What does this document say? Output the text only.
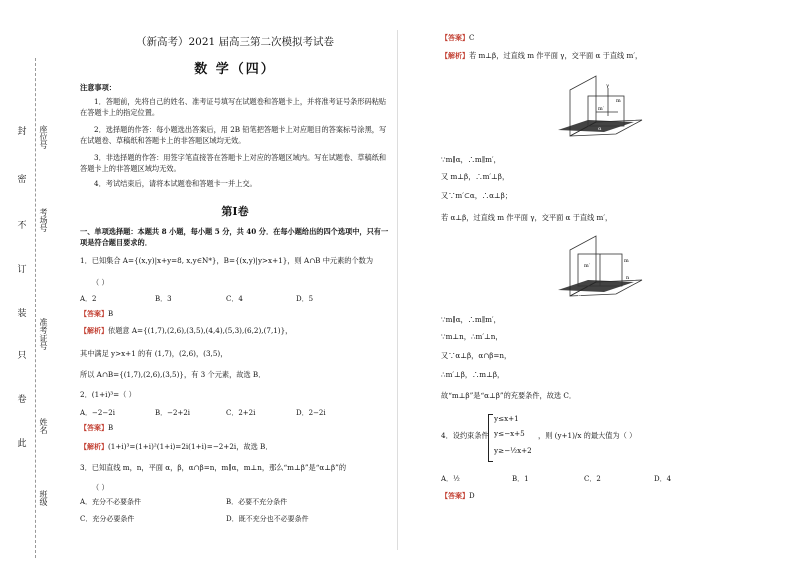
封
密
不
订
装
只
卷
此
座位号
考场号
准考证号
姓名
班级
（新高考）2021 届高三第二次模拟考试卷
数 学（四）
注意事项：
1．答题前，先将自己的姓名、准考证号填写在试题卷和答题卡上，并将准考证号条形码粘贴在答题卡上的指定位置。
2．选择题的作答：每小题选出答案后，用 2B 铅笔把答题卡上对应题目的答案标号涂黑，写在试题卷、草稿纸和答题卡上的非答题区域均无效。
3．非选择题的作答：用签字笔直接答在答题卡上对应的答题区域内。写在试题卷、草稿纸和答题卡上的非答题区域均无效。
4．考试结束后，请将本试题卷和答题卡一并上交。
第Ⅰ卷
一、单项选择题：本题共 8 小题，每小题 5 分，共 40 分．在每小题给出的四个选项中，只有一项是符合题目要求的．
1．已知集合 A={(x,y)|x+y=8, x,y∈N*}，B={(x,y)|y>x+1}，则 A∩B 中元素的个数为
（ ）
A．2	B．3	C．4	D．5
【答案】B
【解析】依题意 A={(1,7),(2,6),(3,5),(4,4),(5,3),(6,2),(7,1)}，
其中满足 y>x+1 的有 (1,7)，(2,6)，(3,5)，
所以 A∩B={(1,7),(2,6),(3,5)}，有 3 个元素，故选 B．
2．(1+i)³=（ ）
A．−2−2i	B．−2+2i	C．2+2i	D．2−2i
【答案】B
【解析】(1+i)³=(1+i)²(1+i)=2i(1+i)=−2+2i，故选 B．
3．已知直线 m，n，平面 α，β，α∩β=n，m∥α，m⊥n，那么“m⊥β”是“α⊥β”的
（ ）
A．充分不必要条件	B．必要不充分条件
C．充分必要条件	D．既不充分也不必要条件
【答案】C
【解析】若 m⊥β，过直线 m 作平面 γ，交平面 α 于直线 m′，
γ
m
m′
α
∵m∥α，∴m∥m′，
又 m⊥β，∴m′⊥β，
又∵m′⊂α，∴α⊥β；
若 α⊥β，过直线 m 作平面 γ，交平面 α 于直线 m′，
m′
m
n
β
∵m∥α，∴m∥m′，
∵m⊥n，∴m′⊥n，
又∵α⊥β，α∩β=n，
∴m′⊥β，∴m⊥β，
故“m⊥β”是“α⊥β”的充要条件，故选 C．
4．设约束条件
y≤x+1
y≤−x+5
y≥−½x+2
，则 (y+1)/x 的最大值为（ ）
A．½	B．1	C．2	D．4
【答案】D
